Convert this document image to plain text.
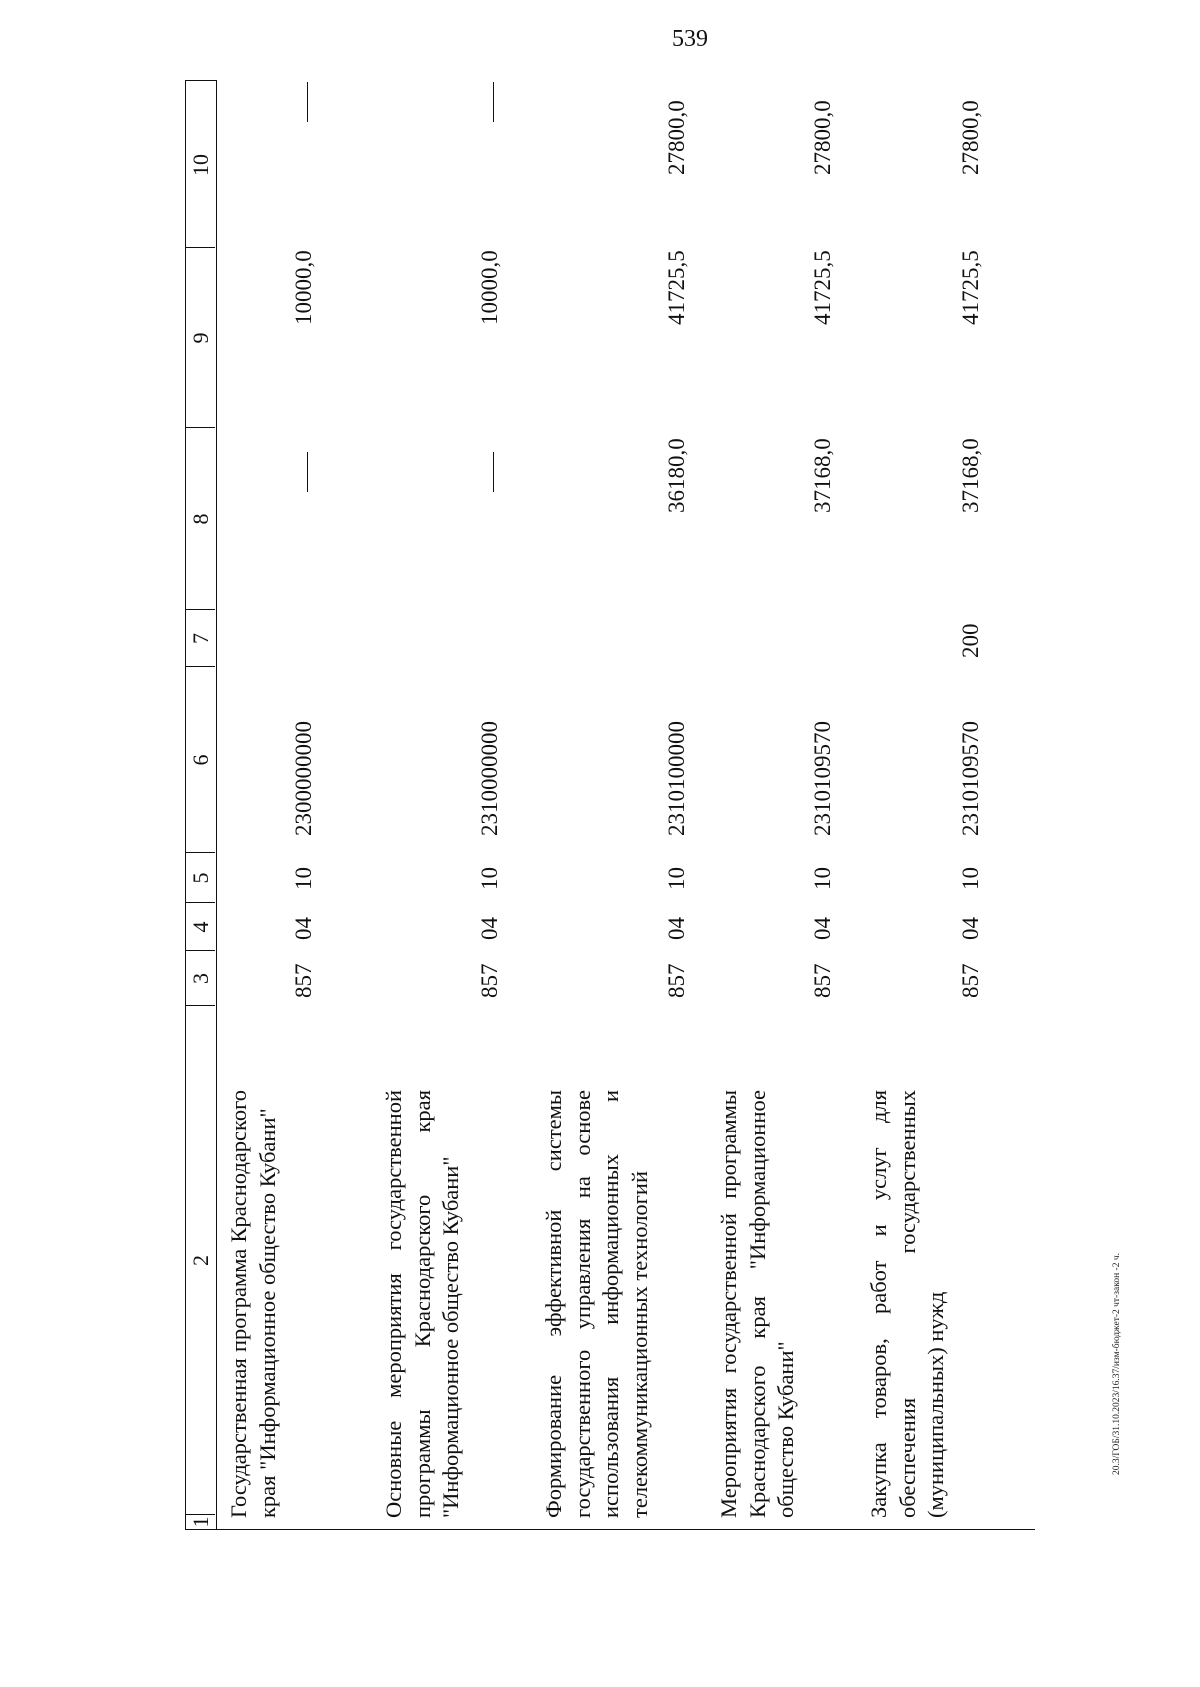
539
20.3/ГОБ/31.10.2023/16.37/изм-бюджет-2 чт-закон -2 ч.
1
2
3
4
5
6
7
8
9
10
Государственная программа Краснодарского края "Информационное общество Кубани"
857
04
10
2300000000
10000,0
Основные мероприятия государственной программы Краснодарского края "Информационное общество Кубани"
857
04
10
2310000000
10000,0
Формирование эффективной системы государственного управления на основе использования информационных и телекоммуникационных технологий
857
04
10
2310100000
36180,0
41725,5
27800,0
Мероприятия государственной программы Краснодарского края "Информационное общество Кубани"
857
04
10
2310109570
37168,0
41725,5
27800,0
Закупка товаров, работ и услуг для обеспечения государственных (муниципальных) нужд
857
04
10
2310109570
200
37168,0
41725,5
27800,0
